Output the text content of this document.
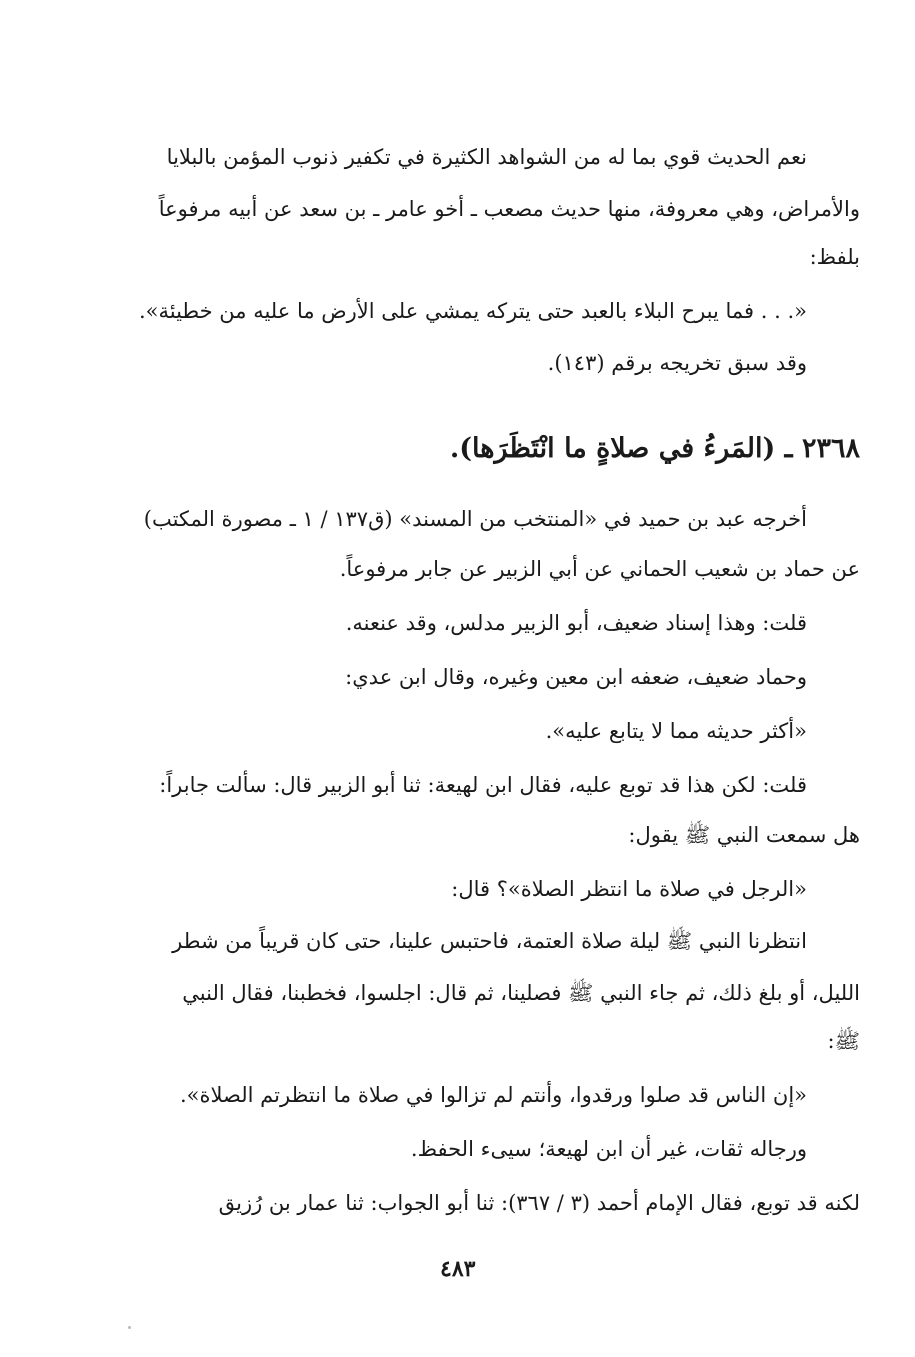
نعم الحديث قوي بما له من الشواهد الكثيرة في تكفير ذنوب المؤمن بالبلايا
والأمراض، وهي معروفة، منها حديث مصعب ـ أخو عامر ـ بن سعد عن أبيه مرفوعاً
بلفظ:
«. . . فما يبرح البلاء بالعبد حتى يتركه يمشي على الأرض ما عليه من خطيئة».
وقد سبق تخريجه برقم (١٤٣).
٢٣٦٨ ـ (المَرءُ في صلاةٍ ما انْتَظَرَها).
أخرجه عبد بن حميد في «المنتخب من المسند» (ق١٣٧ / ١ ـ مصورة المكتب)
عن حماد بن شعيب الحماني عن أبي الزبير عن جابر مرفوعاً.
قلت: وهذا إسناد ضعيف، أبو الزبير مدلس، وقد عنعنه.
وحماد ضعيف، ضعفه ابن معين وغيره، وقال ابن عدي:
«أكثر حديثه مما لا يتابع عليه».
قلت: لكن هذا قد توبع عليه، فقال ابن لهيعة: ثنا أبو الزبير قال: سألت جابراً:
هل سمعت النبي ﷺ يقول:
«الرجل في صلاة ما انتظر الصلاة»؟ قال:
انتظرنا النبي ﷺ ليلة صلاة العتمة، فاحتبس علينا، حتى كان قريباً من شطر
الليل، أو بلغ ذلك، ثم جاء النبي ﷺ فصلينا، ثم قال: اجلسوا، فخطبنا، فقال النبي
ﷺ:
«إن الناس قد صلوا ورقدوا، وأنتم لم تزالوا في صلاة ما انتظرتم الصلاة».
ورجاله ثقات، غير أن ابن لهيعة؛ سيىء الحفظ.
لكنه قد توبع، فقال الإمام أحمد (٣ / ٣٦٧): ثنا أبو الجواب: ثنا عمار بن رُزيق
٤٨٣
